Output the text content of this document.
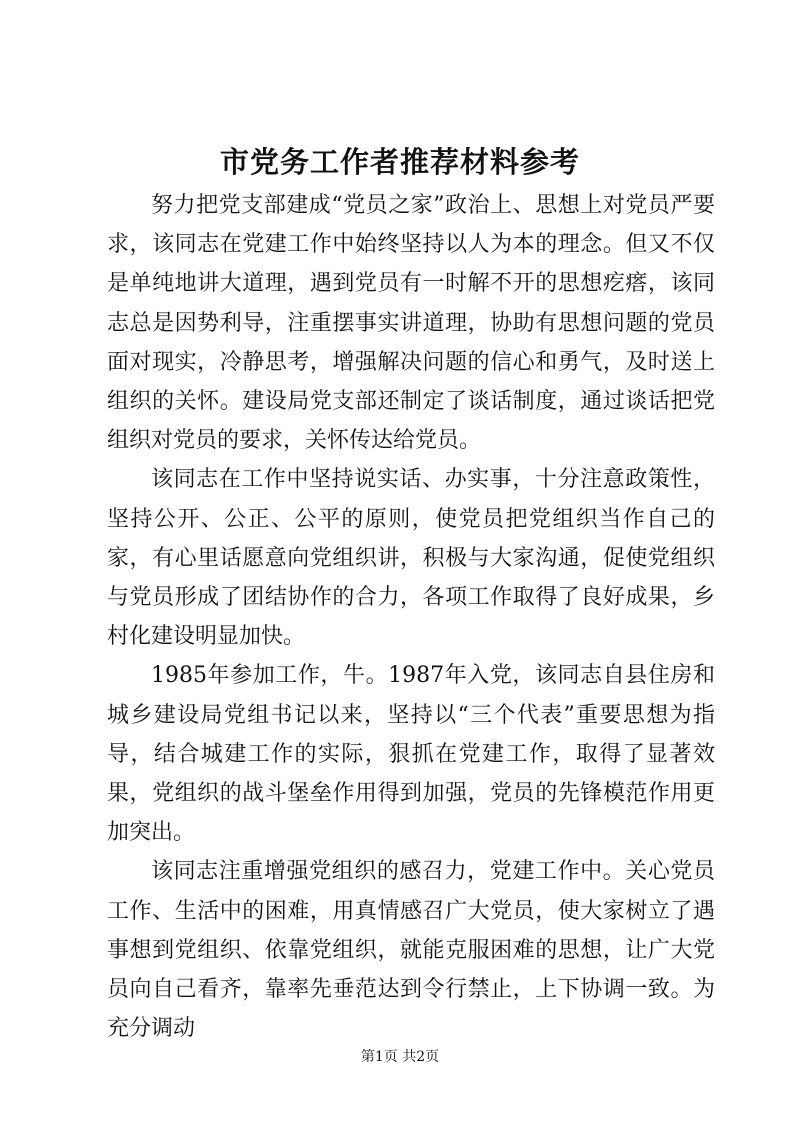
市党务工作者推荐材料参考

努力把党支部建成“党员之家”政治上、思想上对党员严要求，该同志在党建工作中始终坚持以人为本的理念。但又不仅是单纯地讲大道理，遇到党员有一时解不开的思想疙瘩，该同志总是因势利导，注重摆事实讲道理，协助有思想问题的党员面对现实，冷静思考，增强解决问题的信心和勇气，及时送上组织的关怀。建设局党支部还制定了谈话制度，通过谈话把党组织对党员的要求，关怀传达给党员。

该同志在工作中坚持说实话、办实事，十分注意政策性，坚持公开、公正、公平的原则，使党员把党组织当作自己的家，有心里话愿意向党组织讲，积极与大家沟通，促使党组织与党员形成了团结协作的合力，各项工作取得了良好成果，乡村化建设明显加快。

1985年参加工作，牛。1987年入党，该同志自县住房和城乡建设局党组书记以来，坚持以“三个代表”重要思想为指导，结合城建工作的实际，狠抓在党建工作，取得了显著效果，党组织的战斗堡垒作用得到加强，党员的先锋模范作用更加突出。

该同志注重增强党组织的感召力，党建工作中。关心党员工作、生活中的困难，用真情感召广大党员，使大家树立了遇事想到党组织、依靠党组织，就能克服困难的思想，让广大党员向自己看齐，靠率先垂范达到令行禁止，上下协调一致。为充分调动

第1页 共2页
